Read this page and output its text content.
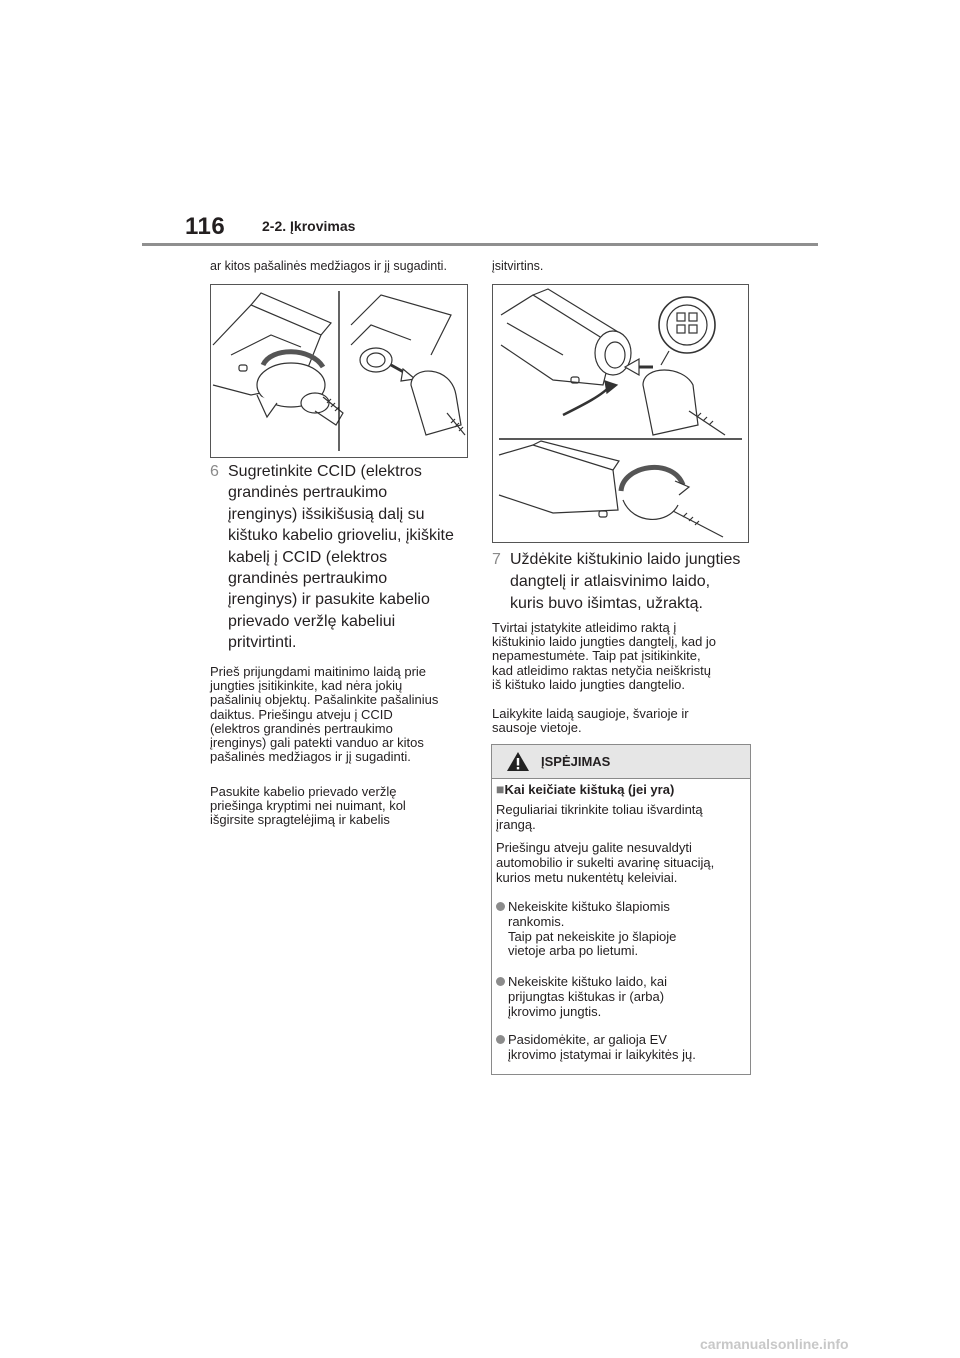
116	2-2. Įkrovimas
ar kitos pašalinės medžiagos ir jį sugadinti.
6 Sugretinkite CCID (elektros
grandinės pertraukimo
įrenginys) išsikišusią dalį su
kištuko kabelio grioveliu, įkiškite
kabelį į CCID (elektros
grandinės pertraukimo
įrenginys) ir pasukite kabelio
prievado veržlę kabeliui
pritvirtinti.
Prieš prijungdami maitinimo laidą prie
jungties įsitikinkite, kad nėra jokių
pašalinių objektų. Pašalinkite pašalinius
daiktus. Priešingu atveju į CCID
(elektros grandinės pertraukimo
įrenginys) gali patekti vanduo ar kitos
pašalinės medžiagos ir jį sugadinti.
Pasukite kabelio prievado veržlę
priešinga kryptimi nei nuimant, kol
išgirsite spragtelėjimą ir kabelis
įsitvirtins.
7 Uždėkite kištukinio laido jungties
dangtelį ir atlaisvinimo laido,
kuris buvo išimtas, užraktą.
Tvirtai įstatykite atleidimo raktą į
kištukinio laido jungties dangtelį, kad jo
nepamestumėte. Taip pat įsitikinkite,
kad atleidimo raktas netyčia neiškristų
iš kištuko laido jungties dangtelio.
Laikykite laidą saugioje, švarioje ir
sausoje vietoje.
ĮSPĖJIMAS
■Kai keičiate kištuką (jei yra)
Reguliariai tikrinkite toliau išvardintą
įrangą.
Priešingu atveju galite nesuvaldyti
automobilio ir sukelti avarinę situaciją,
kurios metu nukentėtų keleiviai.
Nekeiskite kištuko šlapiomis
rankomis.
Taip pat nekeiskite jo šlapioje
vietoje arba po lietumi.
Nekeiskite kištuko laido, kai
prijungtas kištukas ir (arba)
įkrovimo jungtis.
Pasidomėkite, ar galioja EV
įkrovimo įstatymai ir laikykitės jų.
carmanualsonline.info
